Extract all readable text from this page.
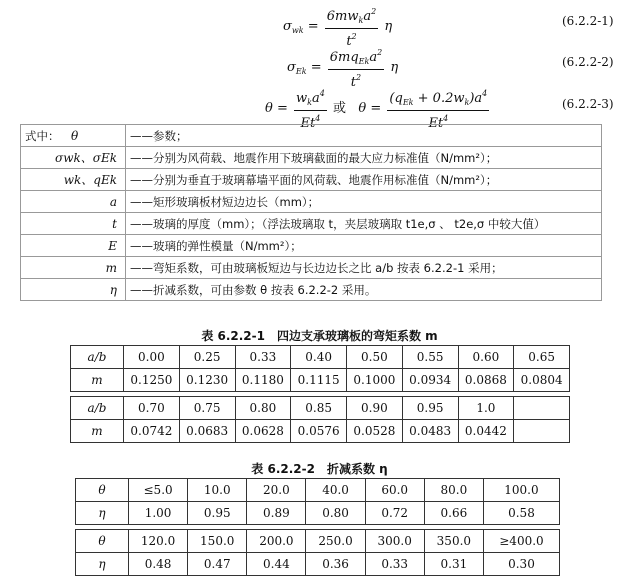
$\sigma_{wk} = \frac{6mw_ka^2}{t^2}$ η	(6.2.2-1)
$\sigma_{Ek} = \frac{6mq_{Ek}a^2}{t^2}$ η	(6.2.2-2)
$\theta = \frac{w_ka^4}{Et^4}$ 或 $\theta = \frac{(q_{Ek} + 0.2w_k)a^4}{Et^4}$	(6.2.2-3)
式中： θ	——参数；
σwk、σEk	——分别为风荷载、地震作用下玻璃截面的最大应力标准值（N/mm²）；
wk、qEk	——分别为垂直于玻璃幕墙平面的风荷载、地震作用标准值（N/mm²）；
a	——矩形玻璃板材短边边长（mm）；
t	——玻璃的厚度（mm）；（浮法玻璃取 t，夹层玻璃取 t1e,σ 、 t2e,σ 中较大值）
E	——玻璃的弹性模量（N/mm²）；
m	——弯矩系数，可由玻璃板短边与长边边长之比 a/b 按表 6.2.2-1 采用；
η	——折减系数，可由参数 θ 按表 6.2.2-2 采用。
表 6.2.2-1　四边支承玻璃板的弯矩系数 m
a/b	0.00	0.25	0.33	0.40	0.50	0.55	0.60	0.65
m	0.1250	0.1230	0.1180	0.1115	0.1000	0.0934	0.0868	0.0804

a/b	0.70	0.75	0.80	0.85	0.90	0.95	1.0	
m	0.0742	0.0683	0.0628	0.0576	0.0528	0.0483	0.0442	
表 6.2.2-2　折减系数 η
θ	≤5.0	10.0	20.0	40.0	60.0	80.0	100.0
η	1.00	0.95	0.89	0.80	0.72	0.66	0.58

θ	120.0	150.0	200.0	250.0	300.0	350.0	≥400.0
η	0.48	0.47	0.44	0.36	0.33	0.31	0.30
